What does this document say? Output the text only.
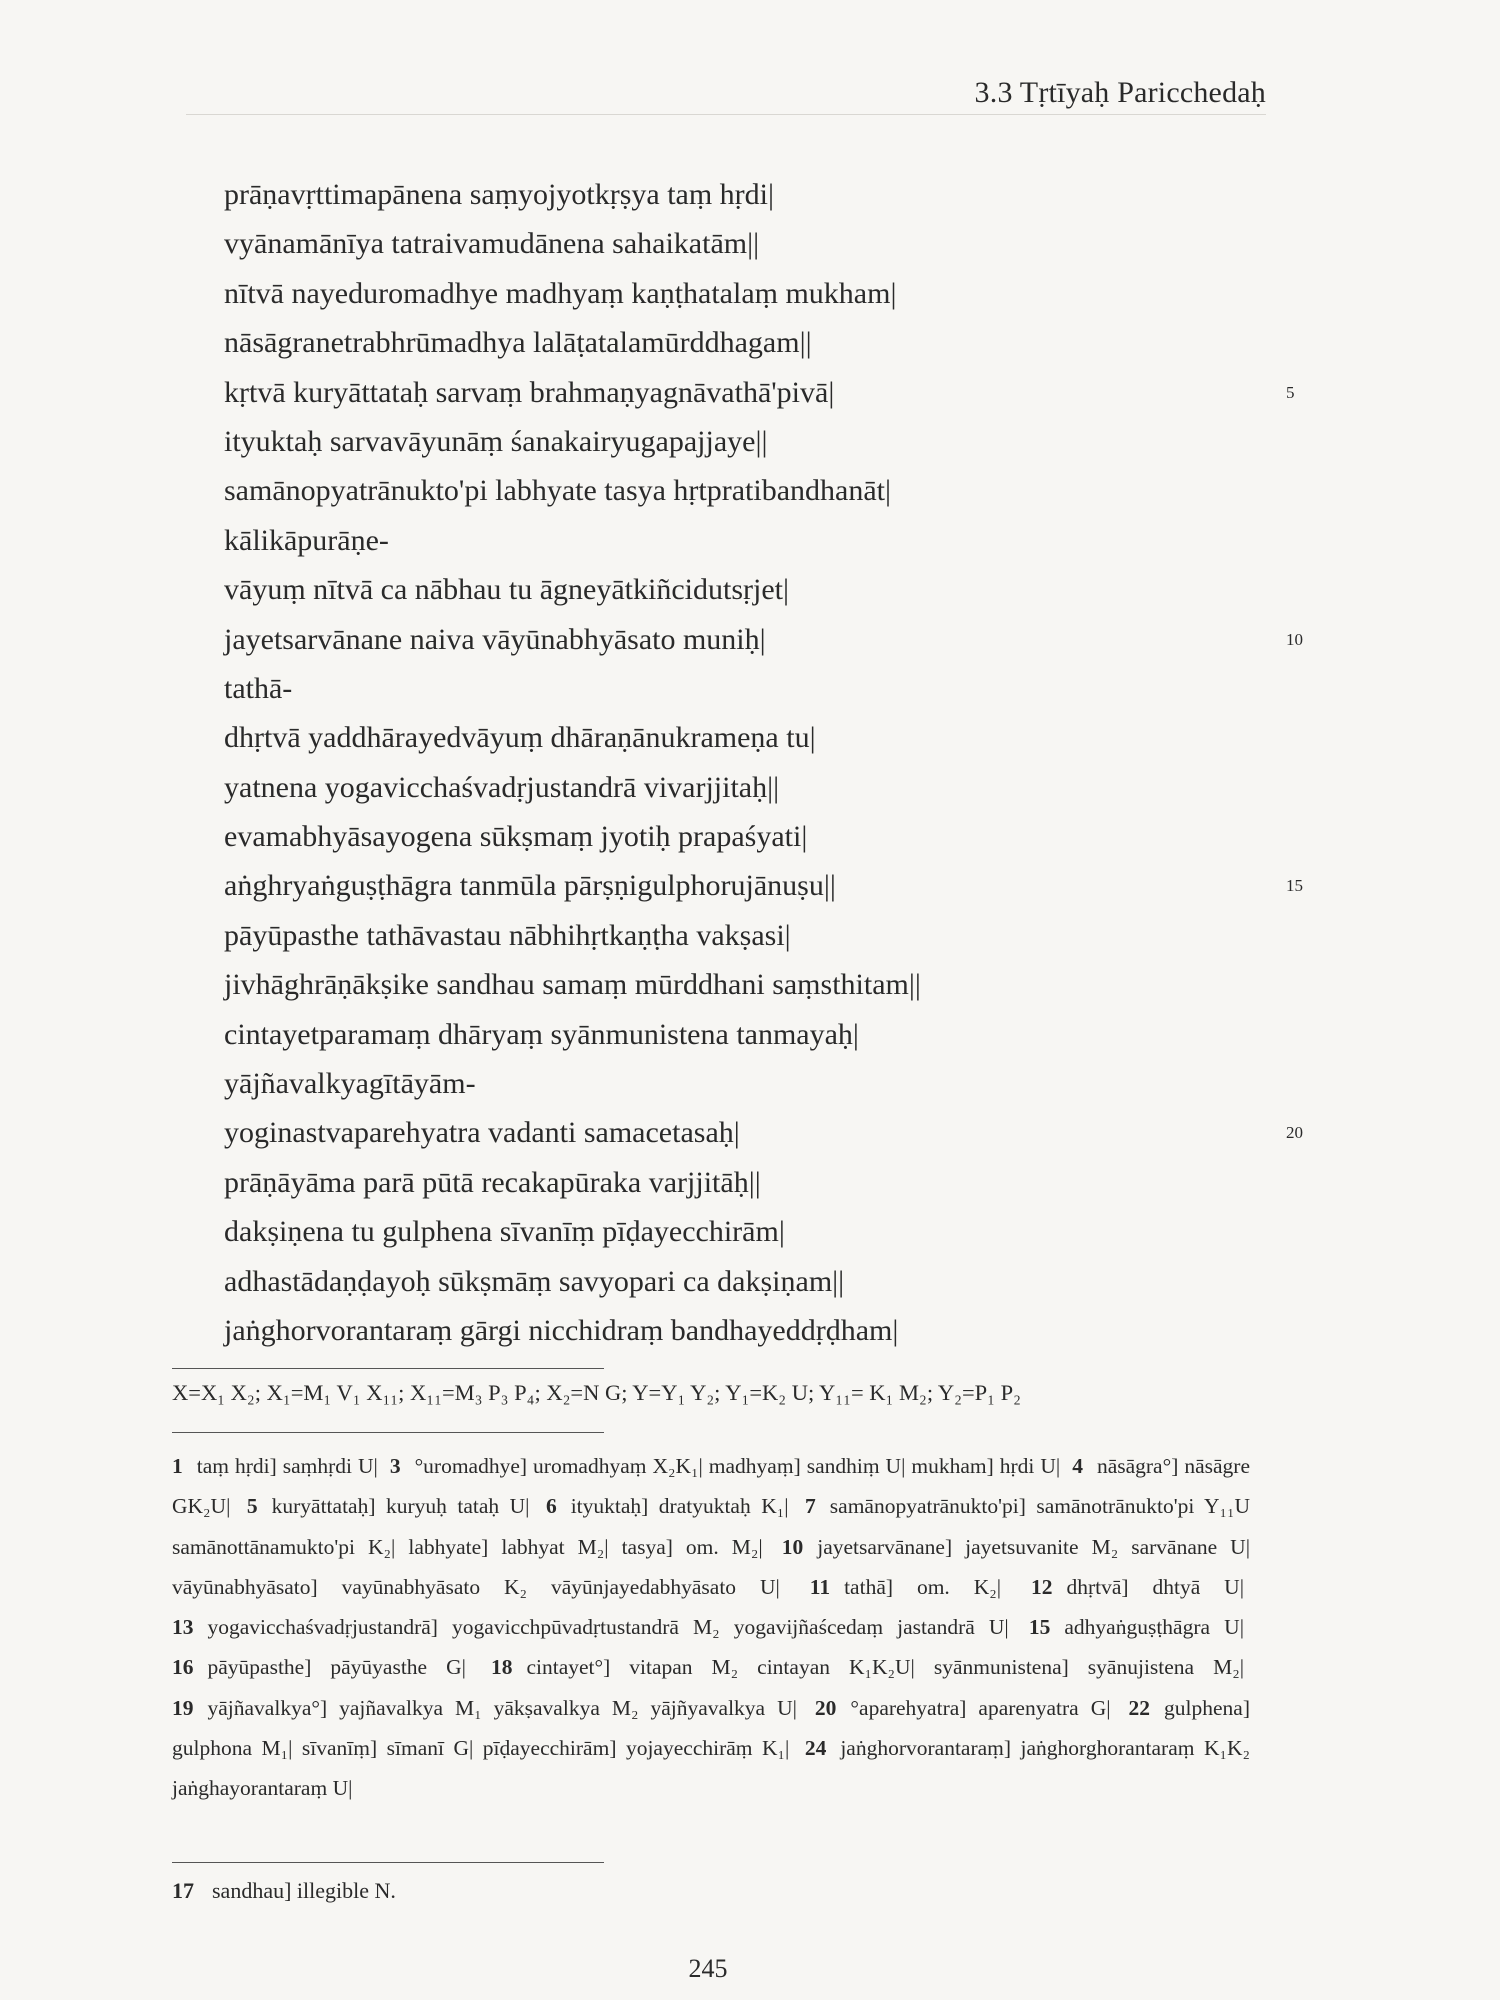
3.3 Tṛtīyaḥ Paricchedaḥ
prāṇavṛttimapānena saṃyojyotkṛṣya taṃ hṛdi|
vyānamānīya tatraivamudānena sahaikatām||
nītvā nayeduromadhye madhyaṃ kaṇṭhatalaṃ mukham|
nāsāgranetrabhrūmadhya lalāṭatalamūrddhagam||
kṛtvā kuryāttataḥ sarvaṃ brahmaṇyagnāvathā'pivā|	5
ityuktaḥ sarvavāyunāṃ śanakairyugapajjaye||
samānopyatrānukto'pi labhyate tasya hṛtpratibandhanāt|
kālikāpurāṇe-
vāyuṃ nītvā ca nābhau tu āgneyātkiñcidutsṛjet|
jayetsarvānane naiva vāyūnabhyāsato muniḥ|	10
tathā-
dhṛtvā yaddhārayedvāyuṃ dhāraṇānukrameṇa tu|
yatnena yogavicchaśvadṛjustandrā vivarjjitaḥ||
evamabhyāsayogena sūkṣmaṃ jyotiḥ prapaśyati|
aṅghryaṅguṣṭhāgra tanmūla pārṣṇigulphorujānuṣu||	15
pāyūpasthe tathāvastau nābhihṛtkaṇṭha vakṣasi|
jivhāghrāṇākṣike sandhau samaṃ mūrddhani saṃsthitam||
cintayetparamaṃ dhāryaṃ syānmunistena tanmayaḥ|
yājñavalkyagītāyām-
yoginastvaparehyatra vadanti samacetasaḥ|	20
prāṇāyāma parā pūtā recakapūraka varjjitāḥ||
dakṣiṇena tu gulphena sīvanīṃ pīḍayecchirām|
adhastādaṇḍayoḥ sūkṣmāṃ savyopari ca dakṣiṇam||
jaṅghorvorantaraṃ gārgi nicchidraṃ bandhayeddṛḍham|
X=X₁ X₂; X₁=M₁ V₁ X₁₁; X₁₁=M₃ P₃ P₄; X₂=N G; Y=Y₁ Y₂; Y₁=K₂ U; Y₁₁= K₁ M₂; Y₂=P₁ P₂
1 taṃ hṛdi] saṃhṛdi U| 3 °uromadhye] uromadhyaṃ X₂K₁| madhyaṃ] sandhiṃ U| mukham] hṛdi U| 4 nāsāgra°] nāsāgre GK₂U| 5 kuryāttataḥ] kuryuḥ tataḥ U| 6 ityuktaḥ] dratyuktaḥ K₁| 7 samānopyatrānukto'pi] samānotrānukto'pi Y₁₁U samānottānamukto'pi K₂| labhyate] labhyat M₂| tasya] om. M₂| 10 jayetsarvānane] jayetsuvanite M₂ sarvānane U| vāyūnabhyāsato] vayūnabhyāsato K₂ vāyūnjayedabhyāsato U| 11 tathā] om. K₂| 12 dhṛtvā] dhtyā U| 13 yogavicchaśvadṛjustandrā] yogavicchpūvadṛtustandrā M₂ yogavijñaścedaṃ jastandrā U| 15 adhyaṅguṣṭhāgra U| 16 pāyūpasthe] pāyūyasthe G| 18 cintayet°] vitapan M₂ cintayan K₁K₂U| syānmunistena] syānujistena M₂| 19 yājñavalkya°] yajñavalkya M₁ yākṣavalkya M₂ yājñyavalkya U| 20 °aparehyatra] aparenyatra G| 22 gulphena] gulphona M₁| sīvanīṃ] sīmanī G| pīḍayecchirām] yojayecchirāṃ K₁| 24 jaṅghorvorantaraṃ] jaṅghorghorantaraṃ K₁K₂ jaṅghayorantaraṃ U|
17 sandhau] illegible N.
245
